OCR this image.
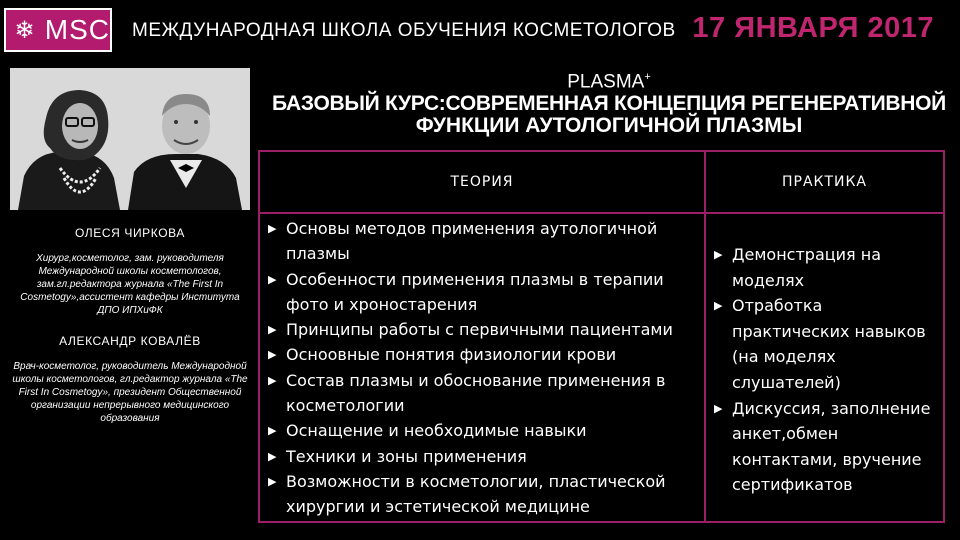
❄ MSC МЕЖДУНАРОДНАЯ ШКОЛА ОБУЧЕНИЯ КОСМЕТОЛОГОВ 17 ЯНВАРЯ 2017
ОЛЕСЯ ЧИРКОВА
Хирург,косметолог, зам. руководителя Международной школы косметологов, зам.гл.редактора журнала «The First In Cosmetogy»,ассистент кафедры Института ДПО ИПХиФК
АЛЕКСАНДР КОВАЛЁВ
Врач-косметолог, руководитель Международной школы косметологов, гл.редактор журнала «The First In Cosmetogy», президент Общественной организации непрерывного медицинского образования
PLASMA+
БАЗОВЫЙ КУРС:СОВРЕМЕННАЯ КОНЦЕПЦИЯ РЕГЕНЕРАТИВНОЙ
ФУНКЦИИ АУТОЛОГИЧНОЙ ПЛАЗМЫ
ТЕОРИЯ	ПРАКТИКА
▶ Основы методов применения аутологичной плазмы
▶ Особенности применения плазмы в терапии фото и хроностарения
▶ Принципы работы с первичными пациентами
▶ Осноовные понятия физиологии крови
▶ Состав плазмы и обоснование применения в косметологии
▶ Оснащение и необходимые навыки
▶ Техники и зоны применения
▶ Возможности в косметологии, пластической хирургии и эстетической медицине
▶ Демонстрация на моделях
▶ Отработка практических навыков (на моделях слушателей)
▶ Дискуссия, заполнение анкет,обмен контактами, вручение сертификатов
